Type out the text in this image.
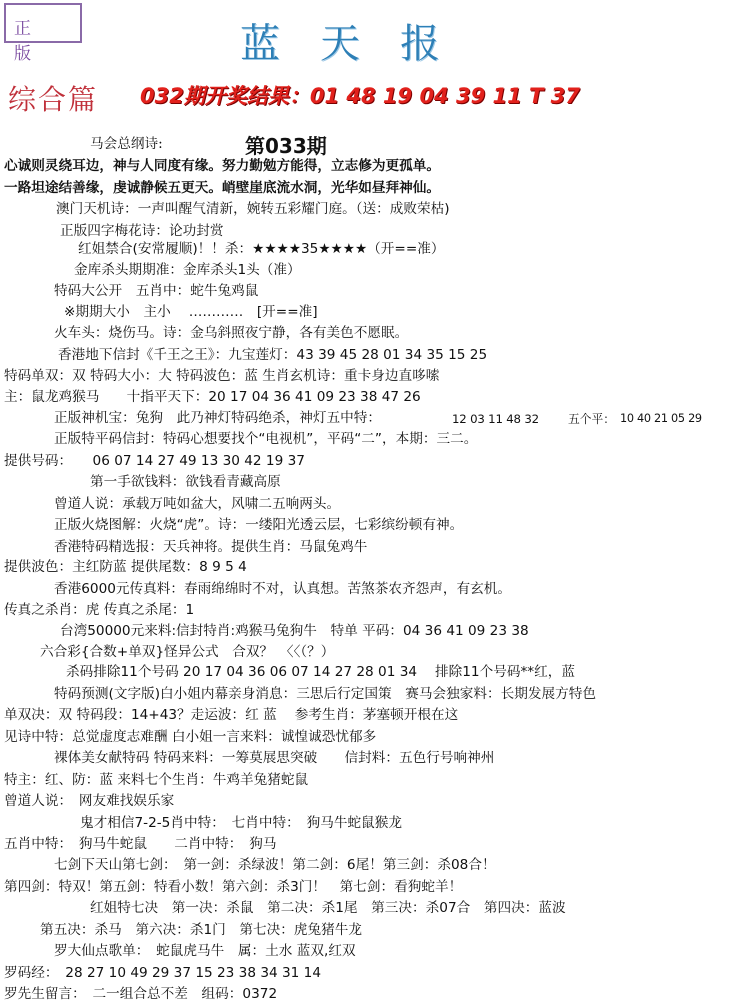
正 版	蓝天报
综合篇 032期开奖结果：01 48 19 04 39 11 T 37
第033期
马会总纲诗:
心诚则灵绕耳边，神与人同度有缘。努力勤勉方能得，立志修为更孤单。
一路坦途结善缘，虔诚静候五更天。峭壁崖底流水洞，光华如昼拜神仙。
澳门天机诗：一声叫醒气清新，婉转五彩耀门庭。（送：成败荣枯)
正版四字梅花诗：论功封赏
红姐禁合(安常履顺)！！杀：★★★★35★★★★（开==准）
金库杀头期期准：金库杀头1头（准）
特码大公开　五肖中：蛇牛兔鸡鼠
※期期大小　主小　 …………　[开==准]
火车头：烧伤马。诗：金乌斜照夜宁静，各有美色不愿眠。
香港地下信封《千王之王》：九宝莲灯：43 39 45 28 01 34 35 15 25
特码单双：双 特码大小：大 特码波色：蓝 生肖玄机诗：重卡身边直哆嗦
主：鼠龙鸡猴马　　十指平天下：20 17 04 36 41 09 23 38 47 26
正版神机宝：兔狗　此乃神灯特码绝杀，神灯五中特：	12 03 11 48 32 五个平： 10 40 21 05 29
正版特平码信封：特码心想要找个“电视机”，平码“二”，本期：三二。
提供号码：　　06 07 14 27 49 13 30 42 19 37
第一手欲钱料：欲钱看青藏高原
曾道人说：承载万吨如盆大，风啸二五响两头。
正版火烧图解：火烧“虎”。诗：一缕阳光透云层，七彩缤纷顿有神。
香港特码精选报：天兵神将。提供生肖：马鼠兔鸡牛
提供波色：主红防蓝 提供尾数：8 9 5 4
香港6000元传真料：春雨绵绵时不对，认真想。苦煞茶农齐怨声，有玄机。
传真之杀肖：虎 传真之杀尾：1
台湾50000元来料:信封特肖:鸡猴马兔狗牛　特单 平码：04 36 41 09 23 38
六合彩{合数+单双}怪异公式　合双？　〈〈（？）
杀码排除11个号码 20 17 04 36 06 07 14 27 28 01 34　 排除11个号码**红，蓝
特码预测(文字版)白小姐内幕亲身消息：三思后行定国策　赛马会独家料：长期发展方特色
单双决：双 特码段：14+43？走运波：红 蓝　 参考生肖：茅塞顿开根在这
见诗中特：总觉虚度志难酬 白小姐一言来料：诚惶诚恐忧郁多
裸体美女献特码 特码来料：一筹莫展思突破　　信封料：五色行号响神州
特主：红、防：蓝 来料七个生肖：牛鸡羊兔猪蛇鼠
曾道人说：　网友难找娱乐家
鬼才相信7-2-5肖中特：　七肖中特：　狗马牛蛇鼠猴龙
五肖中特：　狗马牛蛇鼠　　二肖中特：　狗马
七剑下天山第七剑：　第一剑：杀绿波！第二剑：6尾！第三剑：杀08合！
第四剑：特双！第五剑：特看小数！第六剑：杀3门！　第七剑：看狗蛇羊！
红姐特七决　第一决：杀鼠　第二决：杀1尾　第三决：杀07合　第四决：蓝波
第五决：杀马　第六决：杀1门　第七决：虎兔猪牛龙
罗大仙点歌单：　蛇鼠虎马牛　属：土水 蓝双,红双
罗码经：　28 27 10 49 29 37 15 23 38 34 31 14
罗先生留言：　二一组合总不差　组码：0372
